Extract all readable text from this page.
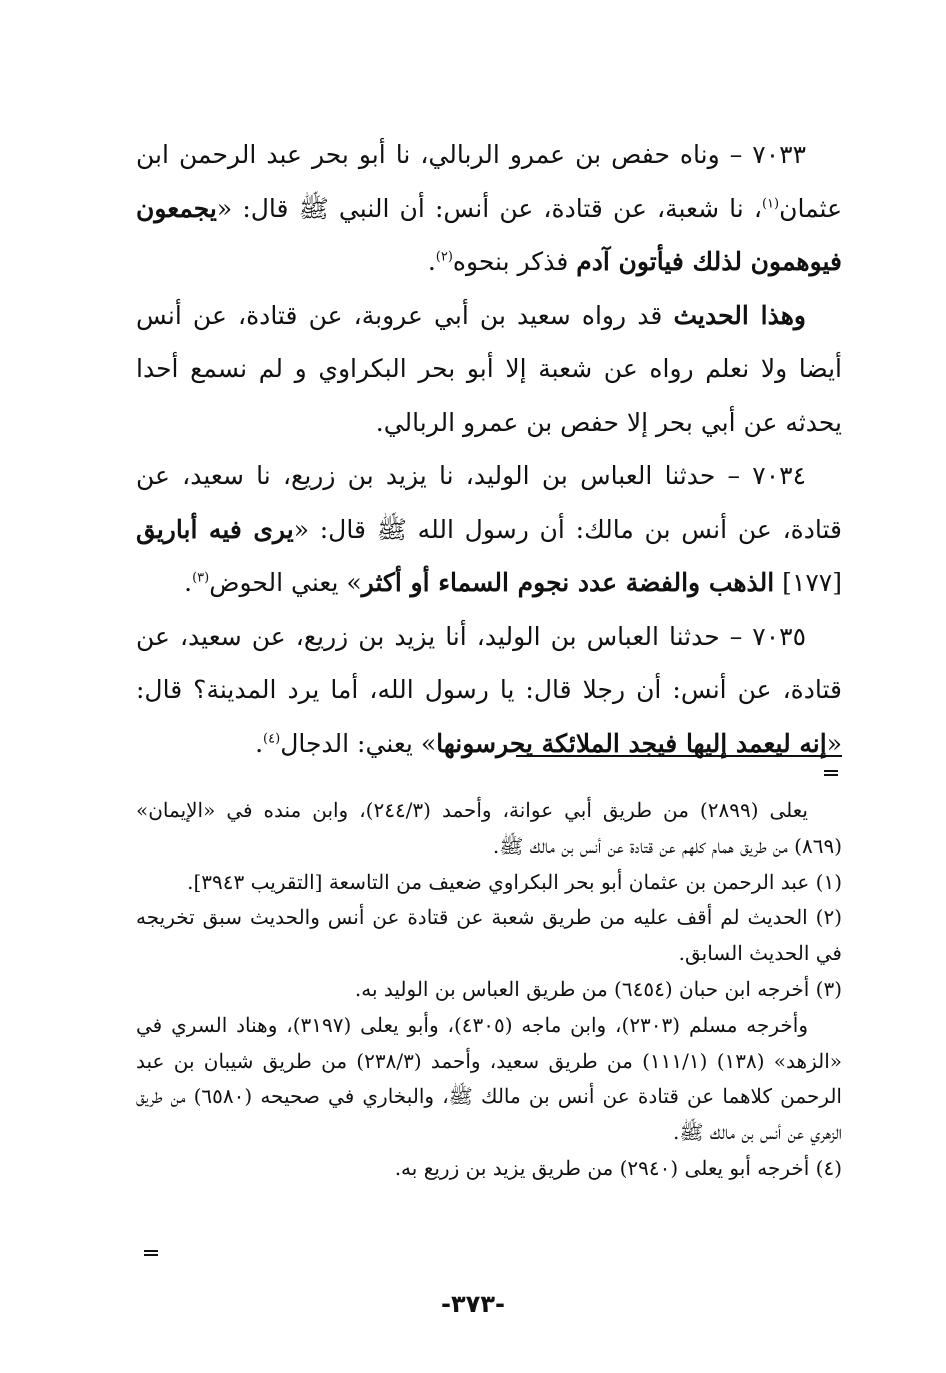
٧٠٣٣ – وناه حفص بن عمرو الربالي، نا أبو بحر عبد الرحمن ابن عثمان$^{(١)}$، نا شعبة، عن قتادة، عن أنس: أن النبي ﷺ قال: «يجمعون فيوهمون لذلك فيأتون آدم فذكر بنحوه$^{(٢)}$.

وهذا الحديث قد رواه سعيد بن أبي عروبة، عن قتادة، عن أنس أيضا ولا نعلم رواه عن شعبة إلا أبو بحر البكراوي و لم نسمع أحدا يحدثه عن أبي بحر إلا حفص بن عمرو الربالي.

٧٠٣٤ – حدثنا العباس بن الوليد، نا يزيد بن زريع، نا سعيد، عن قتادة، عن أنس بن مالك: أن رسول الله ﷺ قال: «يرى فيه أباريق [١٧٧] الذهب والفضة عدد نجوم السماء أو أكثر» يعني الحوض$^{(٣)}$.

٧٠٣٥ – حدثنا العباس بن الوليد، أنا يزيد بن زريع، عن سعيد، عن قتادة، عن أنس: أن رجلا قال: يا رسول الله، أما يرد المدينة؟ قال: «إنه ليعمد إليها فيجد الملائكة يحرسونها» يعني: الدجال$^{(٤)}$.

يعلى (٢٨٩٩) من طريق أبي عوانة، وأحمد (٢٤٤/٣)، وابن منده في «الإيمان» (٨٦٩) من طريق همام كلهم عن قتادة عن أنس بن مالك ﷺ.

(١) عبد الرحمن بن عثمان أبو بحر البكراوي ضعيف من التاسعة [التقريب ٣٩٤٣].

(٢) الحديث لم أقف عليه من طريق شعبة عن قتادة عن أنس والحديث سبق تخريجه في الحديث السابق.

(٣) أخرجه ابن حبان (٦٤٥٤) من طريق العباس بن الوليد به.

وأخرجه مسلم (٢٣٠٣)، وابن ماجه (٤٣٠٥)، وأبو يعلى (٣١٩٧)، وهناد السري في «الزهد» (١٣٨) (١١١/١) من طريق سعيد، وأحمد (٢٣٨/٣) من طريق شيبان بن عبد الرحمن كلاهما عن قتادة عن أنس بن مالك ﷺ، والبخاري في صحيحه (٦٥٨٠) من طريق الزهري عن أنس بن مالك ﷺ.

(٤) أخرجه أبو يعلى (٢٩٤٠) من طريق يزيد بن زريع به.

-٣٧٣-
